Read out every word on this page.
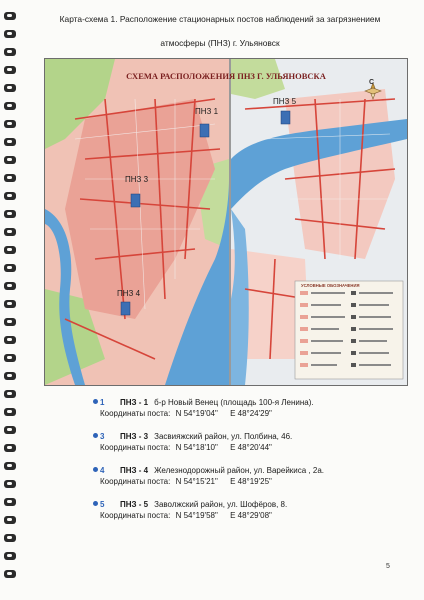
Карта-схема 1. Расположение стационарных постов наблюдений за загрязнением
атмосферы (ПНЗ) г. Ульяновск
СХЕМА РАСПОЛОЖЕНИЯ ПНЗ Г. УЛЬЯНОВСКА
С
ПНЗ 1
ПНЗ 3
ПНЗ 4
ПНЗ 5
УСЛОВНЫЕ ОБОЗНАЧЕНИЯ
1	ПНЗ - 1 б-р Новый Венец (площадь 100-я Ленина).
Координаты поста: N 54°19'04" E 48°24'29"
3	ПНЗ - 3 Засвияжский район, ул. Полбина, 46.
Координаты поста: N 54°18'10" E 48°20'44"
4	ПНЗ - 4 Железнодорожный район, ул. Варейкиса , 2а.
Координаты поста: N 54°15'21" E 48°19'25"
5	ПНЗ - 5 Заволжский район, ул. Шофёров, 8.
Координаты поста: N 54°19'58" E 48°29'08"
5
